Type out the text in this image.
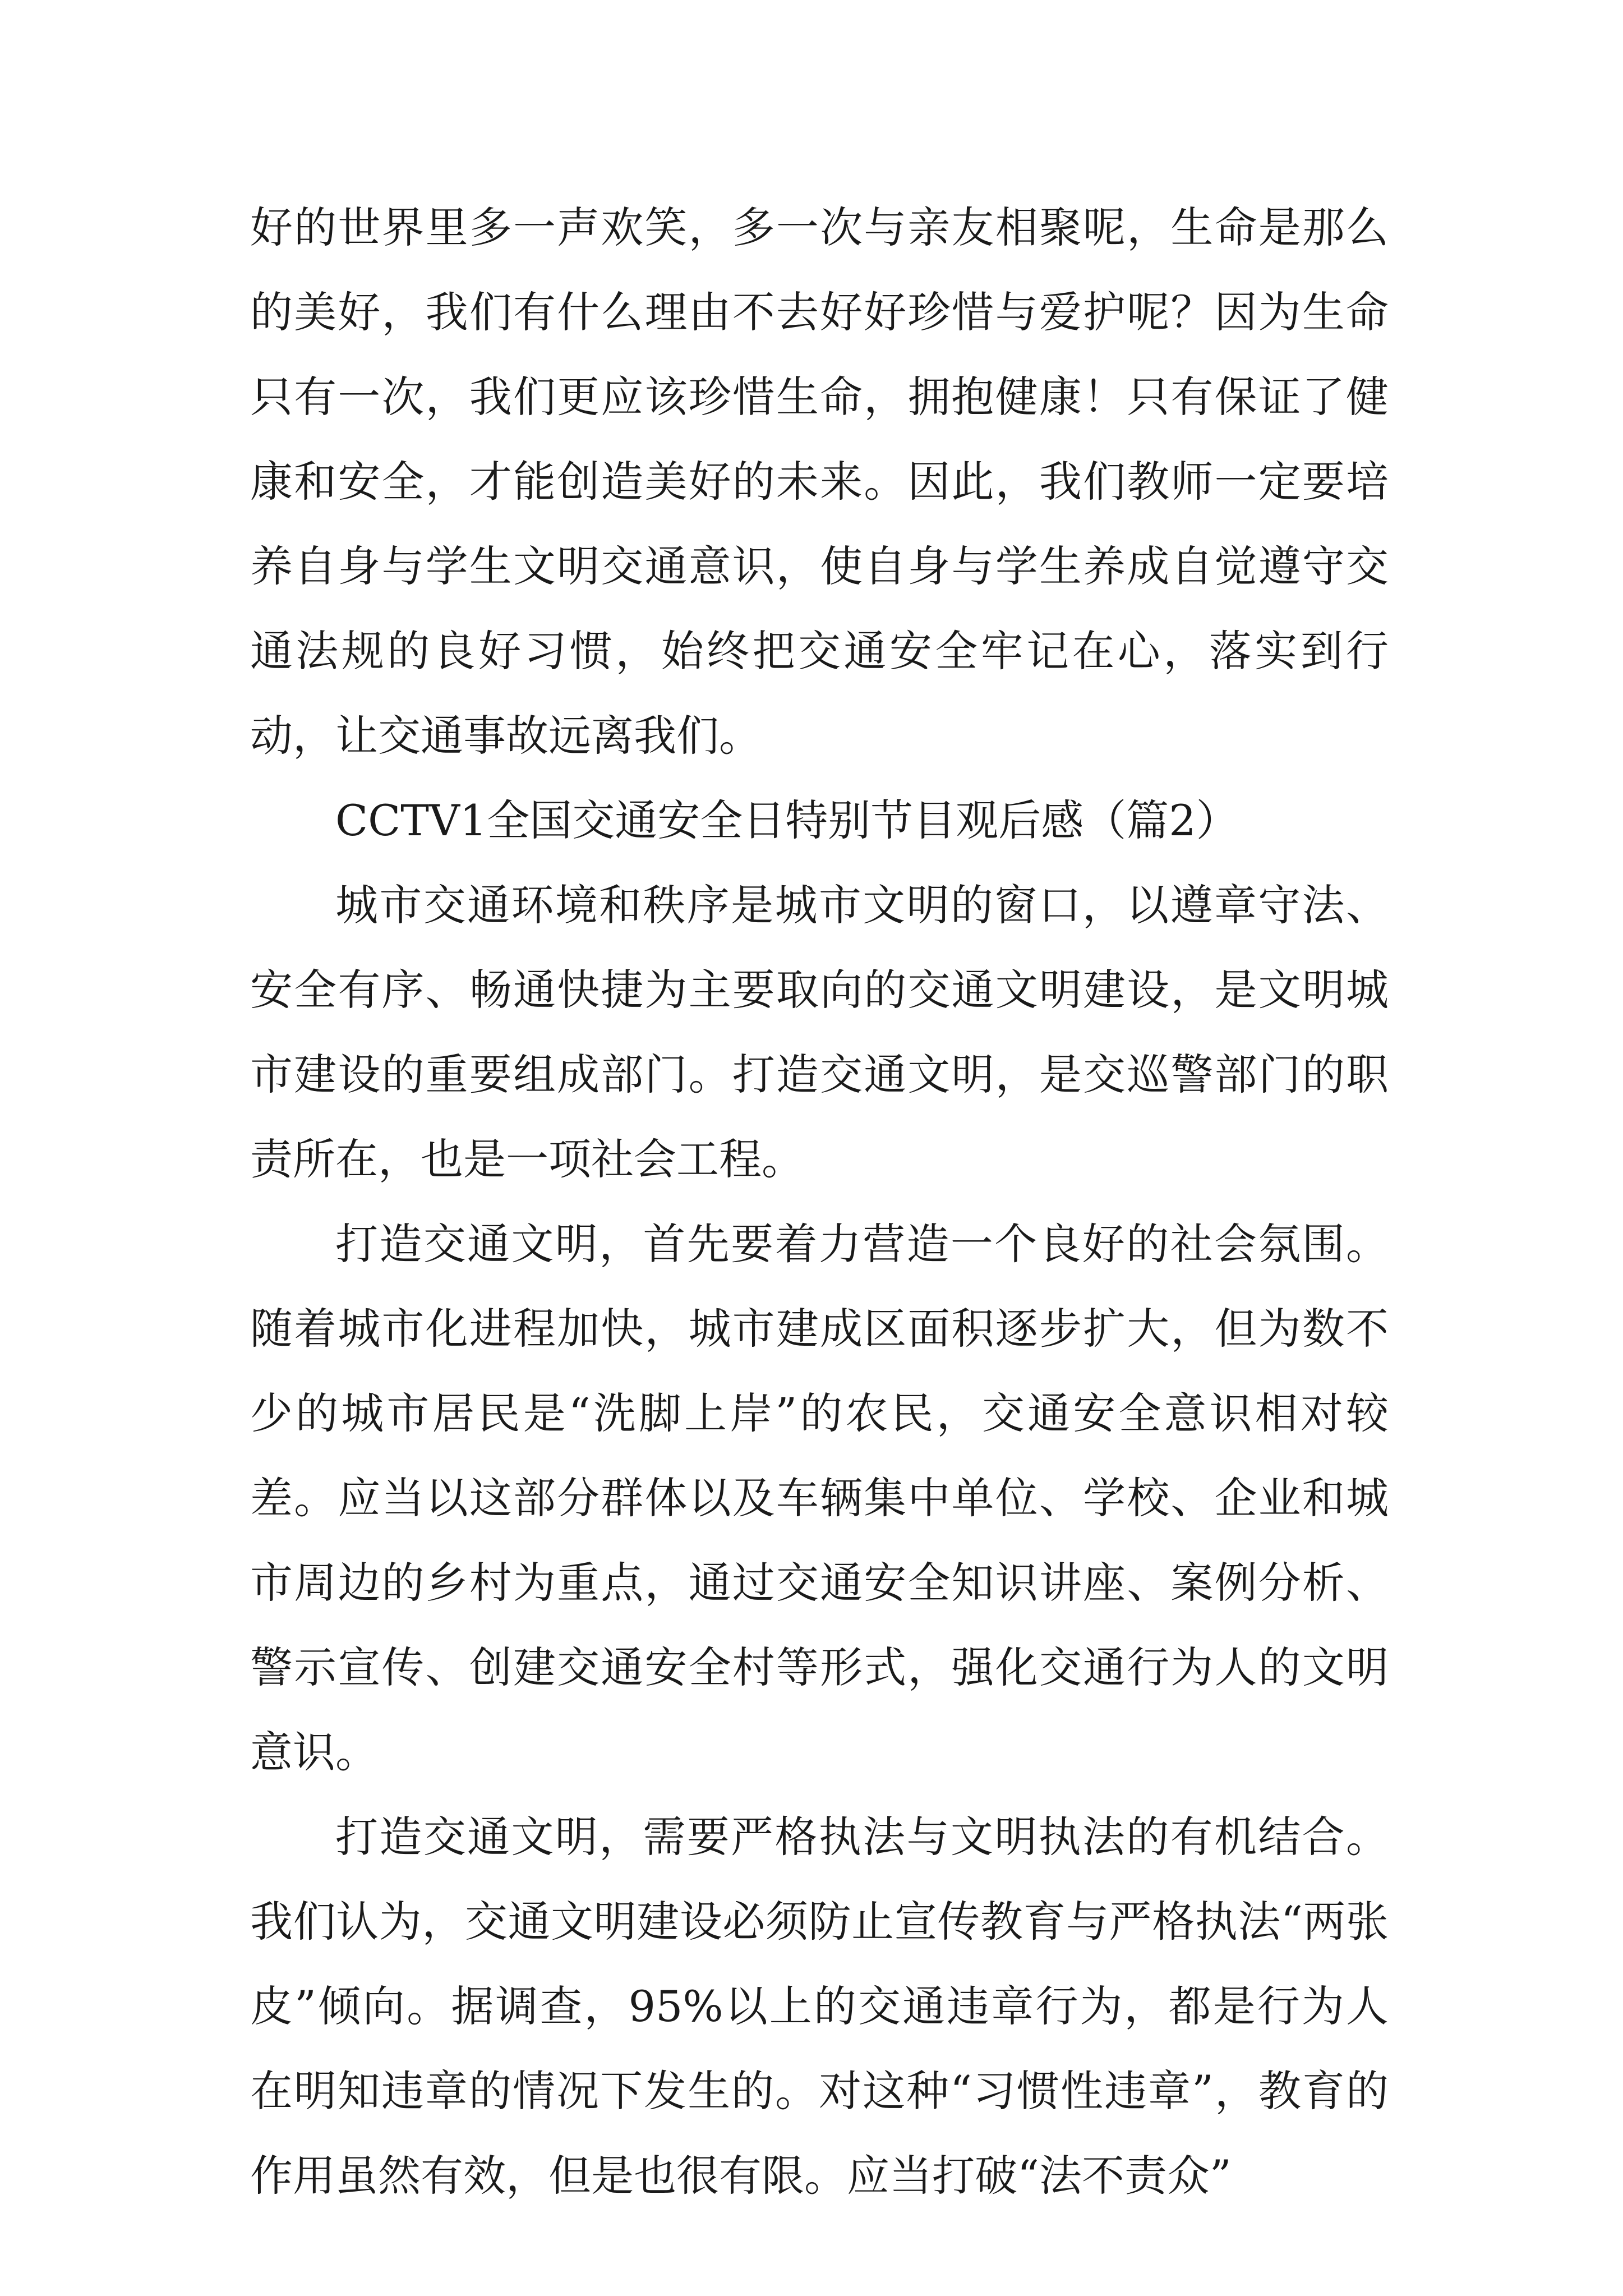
好的世界里多一声欢笑，多一次与亲友相聚呢，生命是那么的美好，我们有什么理由不去好好珍惜与爱护呢？因为生命只有一次，我们更应该珍惜生命，拥抱健康！只有保证了健康和安全，才能创造美好的未来。因此，我们教师一定要培养自身与学生文明交通意识，使自身与学生养成自觉遵守交通法规的良好习惯，始终把交通安全牢记在心，落实到行动，让交通事故远离我们。

CCTV1全国交通安全日特别节目观后感（篇2）

城市交通环境和秩序是城市文明的窗口，以遵章守法、安全有序、畅通快捷为主要取向的交通文明建设，是文明城市建设的重要组成部门。打造交通文明，是交巡警部门的职责所在，也是一项社会工程。

打造交通文明，首先要着力营造一个良好的社会氛围。随着城市化进程加快，城市建成区面积逐步扩大，但为数不少的城市居民是“洗脚上岸”的农民，交通安全意识相对较差。应当以这部分群体以及车辆集中单位、学校、企业和城市周边的乡村为重点，通过交通安全知识讲座、案例分析、警示宣传、创建交通安全村等形式，强化交通行为人的文明意识。

打造交通文明，需要严格执法与文明执法的有机结合。我们认为，交通文明建设必须防止宣传教育与严格执法“两张皮”倾向。据调查，95%以上的交通违章行为，都是行为人在明知违章的情况下发生的。对这种“习惯性违章”，教育的作用虽然有效，但是也很有限。应当打破“法不责众”
